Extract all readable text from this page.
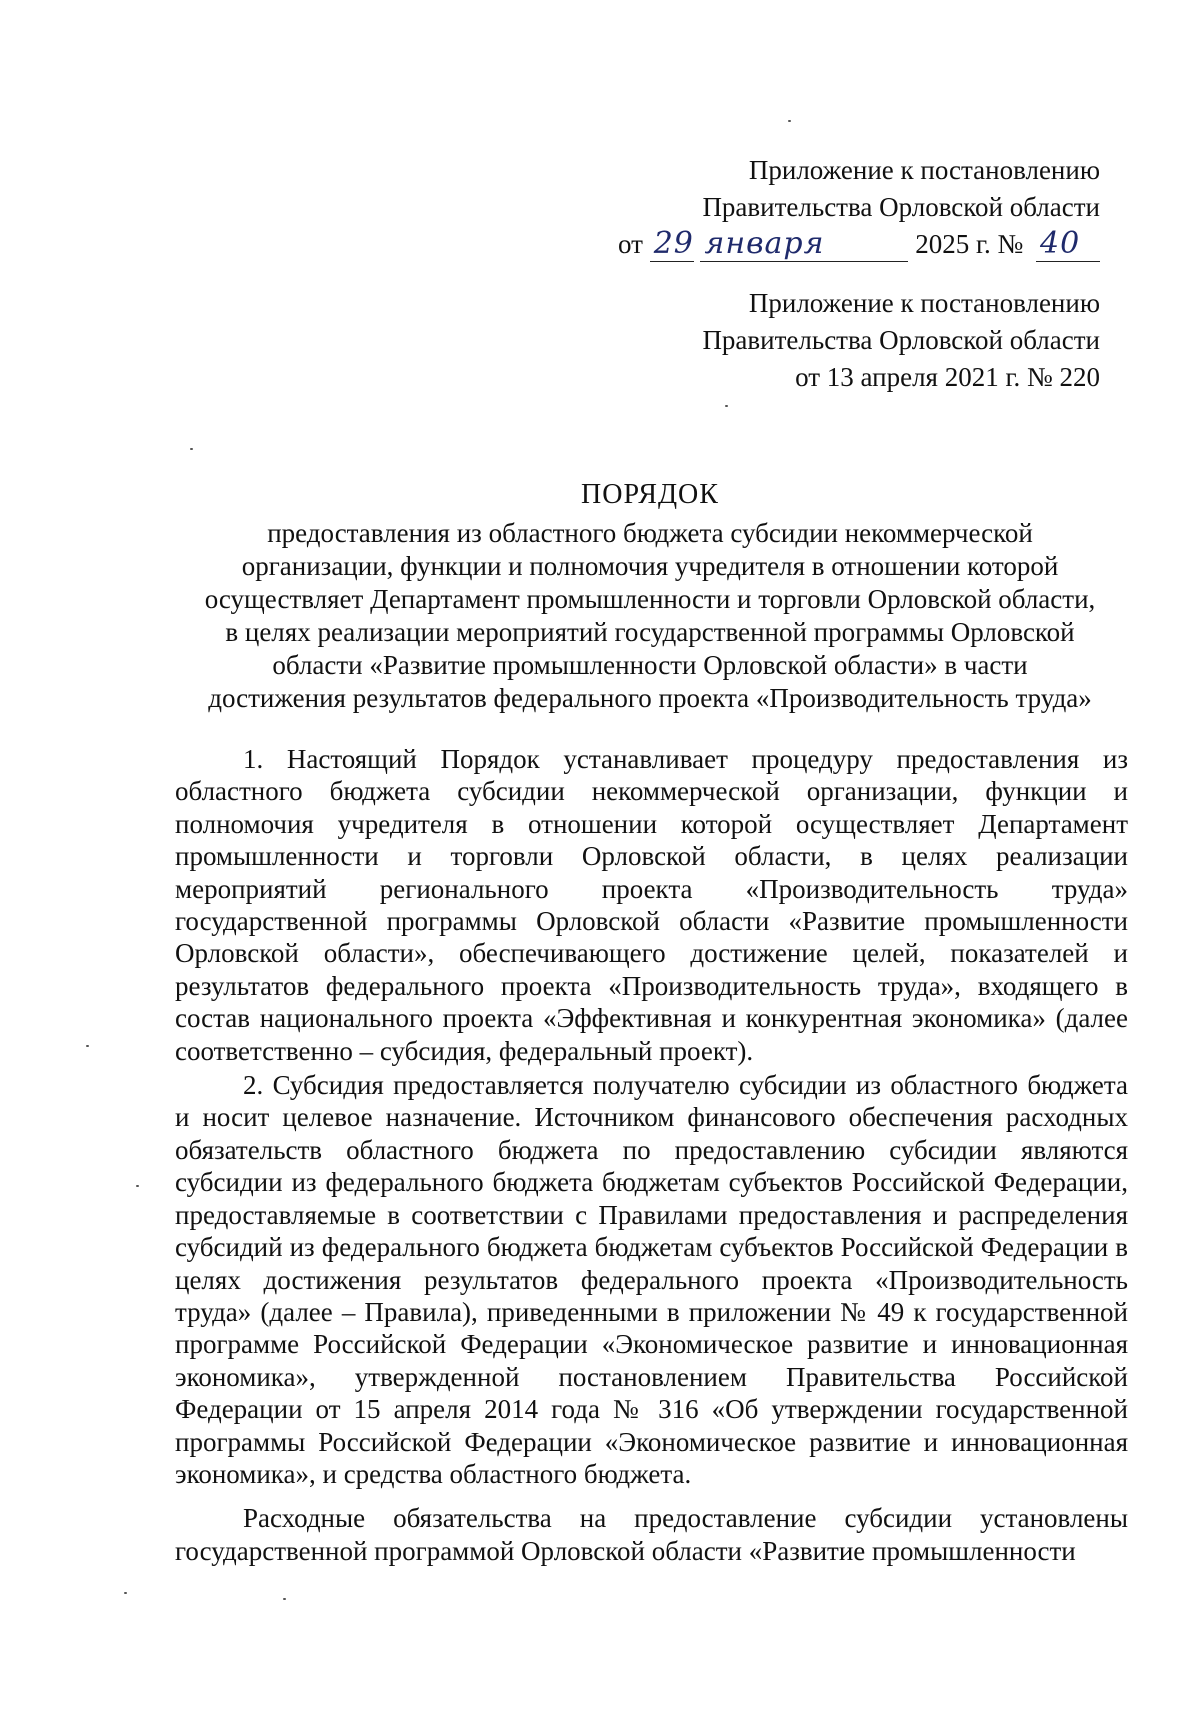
Приложение к постановлению
Правительства Орловской области
от 29 января	2025 г. № 40
Приложение к постановлению
Правительства Орловской области
от 13 апреля 2021 г. № 220
ПОРЯДОК
предоставления из областного бюджета субсидии некоммерческой
организации, функции и полномочия учредителя в отношении которой
осуществляет Департамент промышленности и торговли Орловской области,
в целях реализации мероприятий государственной программы Орловской
области «Развитие промышленности Орловской области» в части
достижения результатов федерального проекта «Производительность труда»

1. Настоящий Порядок устанавливает процедуру предоставления из областного бюджета субсидии некоммерческой организации, функции и полномочия учредителя в отношении которой осуществляет Департамент промышленности и торговли Орловской области, в целях реализации мероприятий регионального проекта «Производительность труда» государственной программы Орловской области «Развитие промышленности Орловской области», обеспечивающего достижение целей, показателей и результатов федерального проекта «Производительность труда», входящего в состав национального проекта «Эффективная и конкурентная экономика» (далее соответственно – субсидия, федеральный проект).

2. Субсидия предоставляется получателю субсидии из областного бюджета и носит целевое назначение. Источником финансового обеспечения расходных обязательств областного бюджета по предоставлению субсидии являются субсидии из федерального бюджета бюджетам субъектов Российской Федерации, предоставляемые в соответствии с Правилами предоставления и распределения субсидий из федерального бюджета бюджетам субъектов Российской Федерации в целях достижения результатов федерального проекта «Производительность труда» (далее – Правила), приведенными в приложении № 49 к государственной программе Российской Федерации «Экономическое развитие и инновационная экономика», утвержденной постановлением Правительства Российской Федерации от 15 апреля 2014 года № 316 «Об утверждении государственной программы Российской Федерации «Экономическое развитие и инновационная экономика», и средства областного бюджета.

Расходные обязательства на предоставление субсидии установлены государственной программой Орловской области «Развитие промышленности
